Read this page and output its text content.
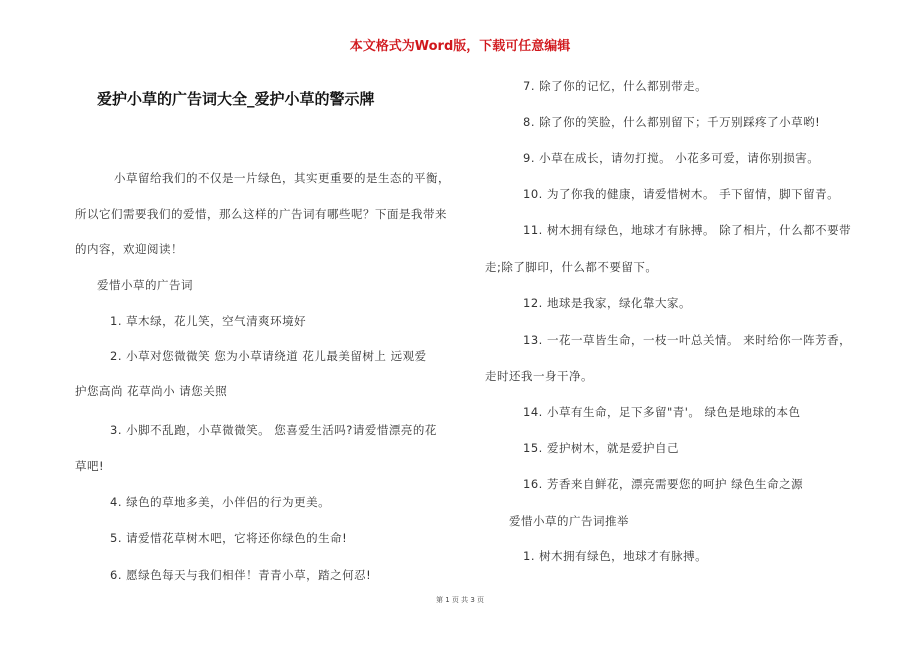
本文格式为Word版，下载可任意编辑
爱护小草的广告词大全_爱护小草的警示牌
小草留给我们的不仅是一片绿色，其实更重要的是生态的平衡，
所以它们需要我们的爱惜，那么这样的广告词有哪些呢？下面是我带来
的内容，欢迎阅读！
爱惜小草的广告词
1. 草木绿，花儿笑，空气清爽环境好
2. 小草对您微微笑 您为小草请绕道 花儿最美留树上 远观爱
护您高尚 花草尚小 请您关照
3. 小脚不乱跑，小草微微笑。 您喜爱生活吗?请爱惜漂亮的花
草吧!
4. 绿色的草地多美，小伴侣的行为更美。
5. 请爱惜花草树木吧，它将还你绿色的生命!
6. 愿绿色每天与我们相伴！青青小草，踏之何忍!
7. 除了你的记忆，什么都别带走。
8. 除了你的笑脸，什么都别留下；千万别踩疼了小草哟!
9. 小草在成长，请勿打搅。 小花多可爱，请你别损害。
10. 为了你我的健康，请爱惜树木。 手下留情，脚下留青。
11. 树木拥有绿色，地球才有脉搏。 除了相片，什么都不要带
走;除了脚印，什么都不要留下。
12. 地球是我家，绿化靠大家。
13. 一花一草皆生命，一枝一叶总关情。 来时给你一阵芳香，
走时还我一身干净。
14. 小草有生命，足下多留"青'。 绿色是地球的本色
15. 爱护树木，就是爱护自己
16. 芳香来自鲜花，漂亮需要您的呵护 绿色生命之源
爱惜小草的广告词推举
1. 树木拥有绿色，地球才有脉搏。
第 1 页 共 3 页
